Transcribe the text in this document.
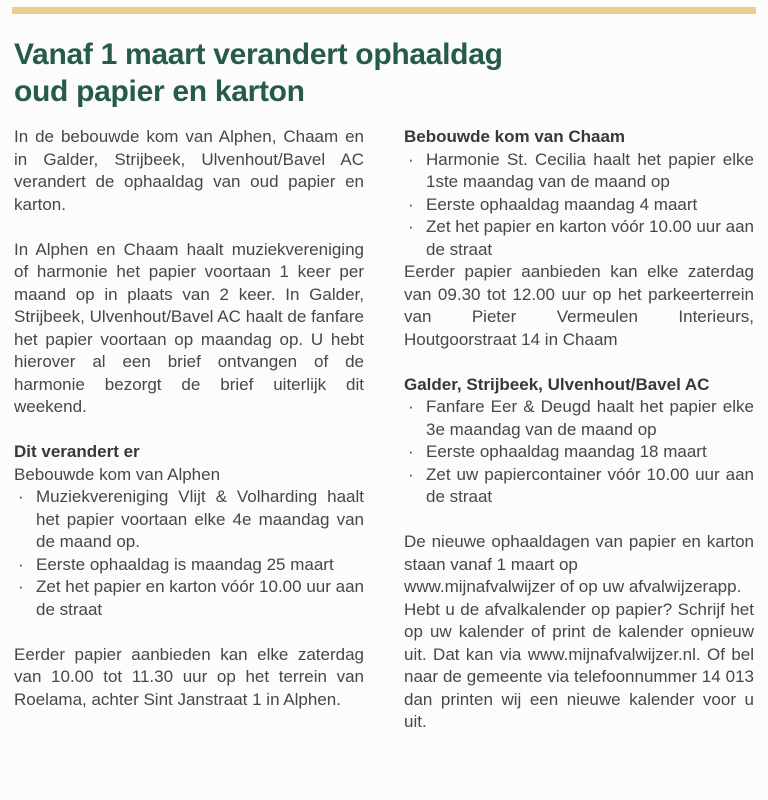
Vanaf 1 maart verandert ophaaldag
oud papier en karton

In de bebouwde kom van Alphen, Chaam en in Galder, Strijbeek, Ulvenhout/Bavel AC verandert de ophaaldag van oud papier en karton.

In Alphen en Chaam haalt muziekvereniging of harmonie het papier voortaan 1 keer per maand op in plaats van 2 keer. In Galder, Strijbeek, Ulvenhout/Bavel AC haalt de fanfare het papier voortaan op maandag op. U hebt hierover al een brief ontvangen of de harmonie bezorgt de brief uiterlijk dit weekend.

Dit verandert er

Bebouwde kom van Alphen

· Muziekvereniging Vlijt & Volharding haalt het papier voortaan elke 4e maandag van de maand op.
· Eerste ophaaldag is maandag 25 maart
· Zet het papier en karton vóór 10.00 uur aan de straat

Eerder papier aanbieden kan elke zaterdag van 10.00 tot 11.30 uur op het terrein van Roelama, achter Sint Janstraat 1 in Alphen.

Bebouwde kom van Chaam

· Harmonie St. Cecilia haalt het papier elke 1ste maandag van de maand op
· Eerste ophaaldag maandag 4 maart
· Zet het papier en karton vóór 10.00 uur aan de straat

Eerder papier aanbieden kan elke zaterdag van 09.30 tot 12.00 uur op het parkeerterrein van Pieter Vermeulen Interieurs, Houtgoorstraat 14 in Chaam

Galder, Strijbeek, Ulvenhout/Bavel AC

· Fanfare Eer & Deugd haalt het papier elke 3e maandag van de maand op
· Eerste ophaaldag maandag 18 maart
· Zet uw papiercontainer vóór 10.00 uur aan de straat

De nieuwe ophaaldagen van papier en karton staan vanaf 1 maart op
www.mijnafvalwijzer of op uw afvalwijzerapp.

Hebt u de afvalkalender op papier? Schrijf het op uw kalender of print de kalender opnieuw uit. Dat kan via www.mijnafvalwijzer.nl. Of bel naar de gemeente via telefoonnummer 14 013 dan printen wij een nieuwe kalender voor u uit.
